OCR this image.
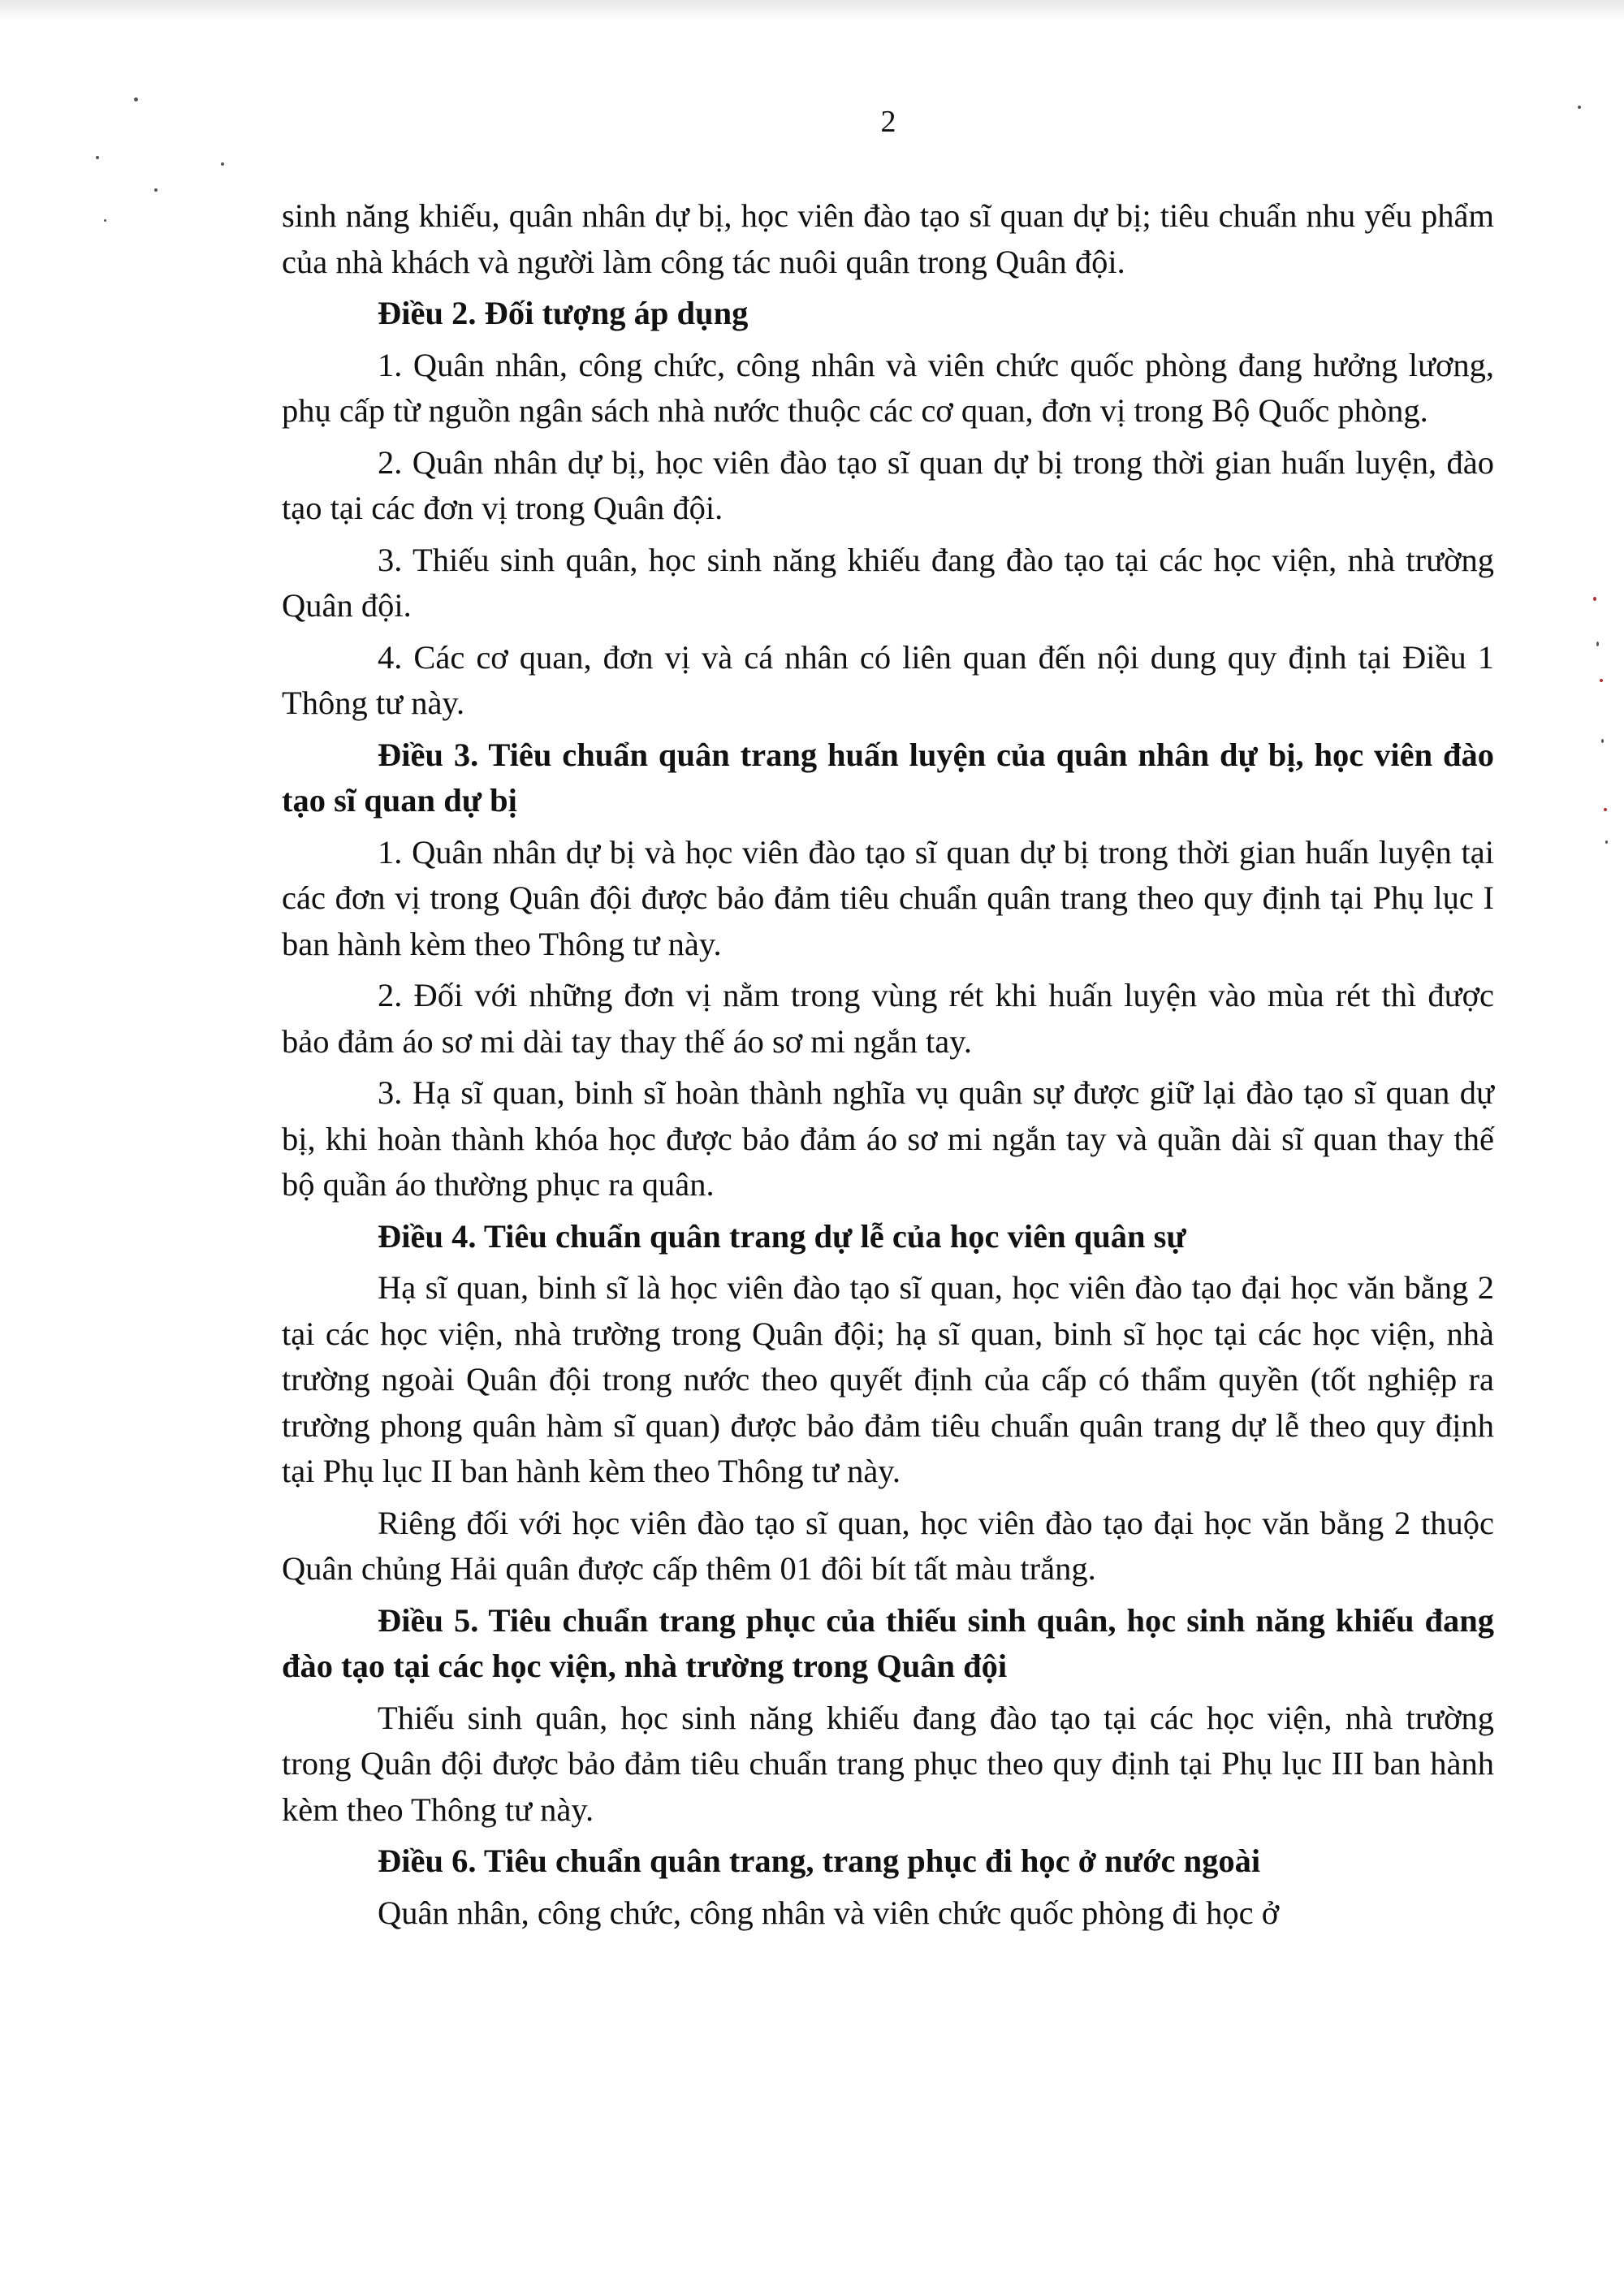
2

sinh năng khiếu, quân nhân dự bị, học viên đào tạo sĩ quan dự bị; tiêu chuẩn nhu yếu phẩm của nhà khách và người làm công tác nuôi quân trong Quân đội.

Điều 2. Đối tượng áp dụng

1. Quân nhân, công chức, công nhân và viên chức quốc phòng đang hưởng lương, phụ cấp từ nguồn ngân sách nhà nước thuộc các cơ quan, đơn vị trong Bộ Quốc phòng.

2. Quân nhân dự bị, học viên đào tạo sĩ quan dự bị trong thời gian huấn luyện, đào tạo tại các đơn vị trong Quân đội.

3. Thiếu sinh quân, học sinh năng khiếu đang đào tạo tại các học viện, nhà trường Quân đội.

4. Các cơ quan, đơn vị và cá nhân có liên quan đến nội dung quy định tại Điều 1 Thông tư này.

Điều 3. Tiêu chuẩn quân trang huấn luyện của quân nhân dự bị, học viên đào tạo sĩ quan dự bị

1. Quân nhân dự bị và học viên đào tạo sĩ quan dự bị trong thời gian huấn luyện tại các đơn vị trong Quân đội được bảo đảm tiêu chuẩn quân trang theo quy định tại Phụ lục I ban hành kèm theo Thông tư này.

2. Đối với những đơn vị nằm trong vùng rét khi huấn luyện vào mùa rét thì được bảo đảm áo sơ mi dài tay thay thế áo sơ mi ngắn tay.

3. Hạ sĩ quan, binh sĩ hoàn thành nghĩa vụ quân sự được giữ lại đào tạo sĩ quan dự bị, khi hoàn thành khóa học được bảo đảm áo sơ mi ngắn tay và quần dài sĩ quan thay thế bộ quần áo thường phục ra quân.

Điều 4. Tiêu chuẩn quân trang dự lễ của học viên quân sự

Hạ sĩ quan, binh sĩ là học viên đào tạo sĩ quan, học viên đào tạo đại học văn bằng 2 tại các học viện, nhà trường trong Quân đội; hạ sĩ quan, binh sĩ học tại các học viện, nhà trường ngoài Quân đội trong nước theo quyết định của cấp có thẩm quyền (tốt nghiệp ra trường phong quân hàm sĩ quan) được bảo đảm tiêu chuẩn quân trang dự lễ theo quy định tại Phụ lục II ban hành kèm theo Thông tư này.

Riêng đối với học viên đào tạo sĩ quan, học viên đào tạo đại học văn bằng 2 thuộc Quân chủng Hải quân được cấp thêm 01 đôi bít tất màu trắng.

Điều 5. Tiêu chuẩn trang phục của thiếu sinh quân, học sinh năng khiếu đang đào tạo tại các học viện, nhà trường trong Quân đội

Thiếu sinh quân, học sinh năng khiếu đang đào tạo tại các học viện, nhà trường trong Quân đội được bảo đảm tiêu chuẩn trang phục theo quy định tại Phụ lục III ban hành kèm theo Thông tư này.

Điều 6. Tiêu chuẩn quân trang, trang phục đi học ở nước ngoài

Quân nhân, công chức, công nhân và viên chức quốc phòng đi học ở
